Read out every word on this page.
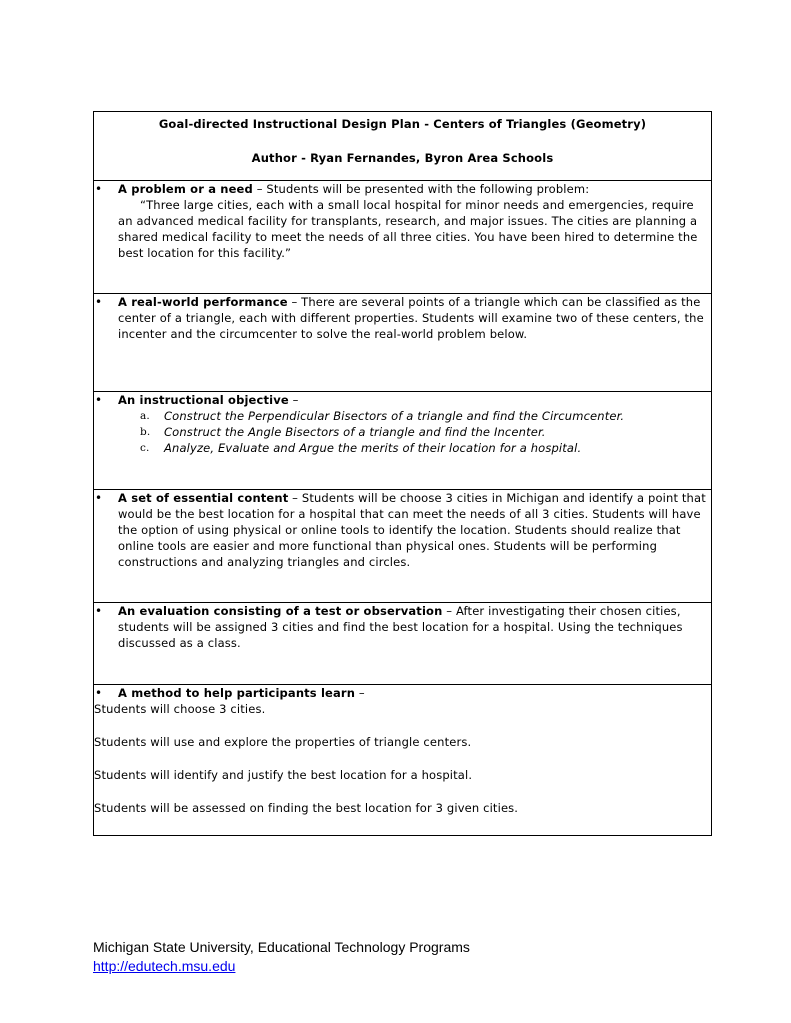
Goal-directed Instructional Design Plan - Centers of Triangles (Geometry)
Author - Ryan Fernandes, Byron Area Schools

• A problem or a need – Students will be presented with the following problem:
“Three large cities, each with a small local hospital for minor needs and emergencies, require an advanced medical facility for transplants, research, and major issues. The cities are planning a shared medical facility to meet the needs of all three cities. You have been hired to determine the best location for this facility.”

• A real-world performance – There are several points of a triangle which can be classified as the center of a triangle, each with different properties. Students will examine two of these centers, the incenter and the circumcenter to solve the real-world problem below.

• An instructional objective –
a. Construct the Perpendicular Bisectors of a triangle and find the Circumcenter.
b. Construct the Angle Bisectors of a triangle and find the Incenter.
c. Analyze, Evaluate and Argue the merits of their location for a hospital.

• A set of essential content – Students will be choose 3 cities in Michigan and identify a point that would be the best location for a hospital that can meet the needs of all 3 cities. Students will have the option of using physical or online tools to identify the location. Students should realize that online tools are easier and more functional than physical ones. Students will be performing constructions and analyzing triangles and circles.

• An evaluation consisting of a test or observation – After investigating their chosen cities, students will be assigned 3 cities and find the best location for a hospital. Using the techniques discussed as a class.

• A method to help participants learn –

Students will choose 3 cities.

Students will use and explore the properties of triangle centers.

Students will identify and justify the best location for a hospital.

Students will be assessed on finding the best location for 3 given cities.

Michigan State University, Educational Technology Programs
http://edutech.msu.edu
